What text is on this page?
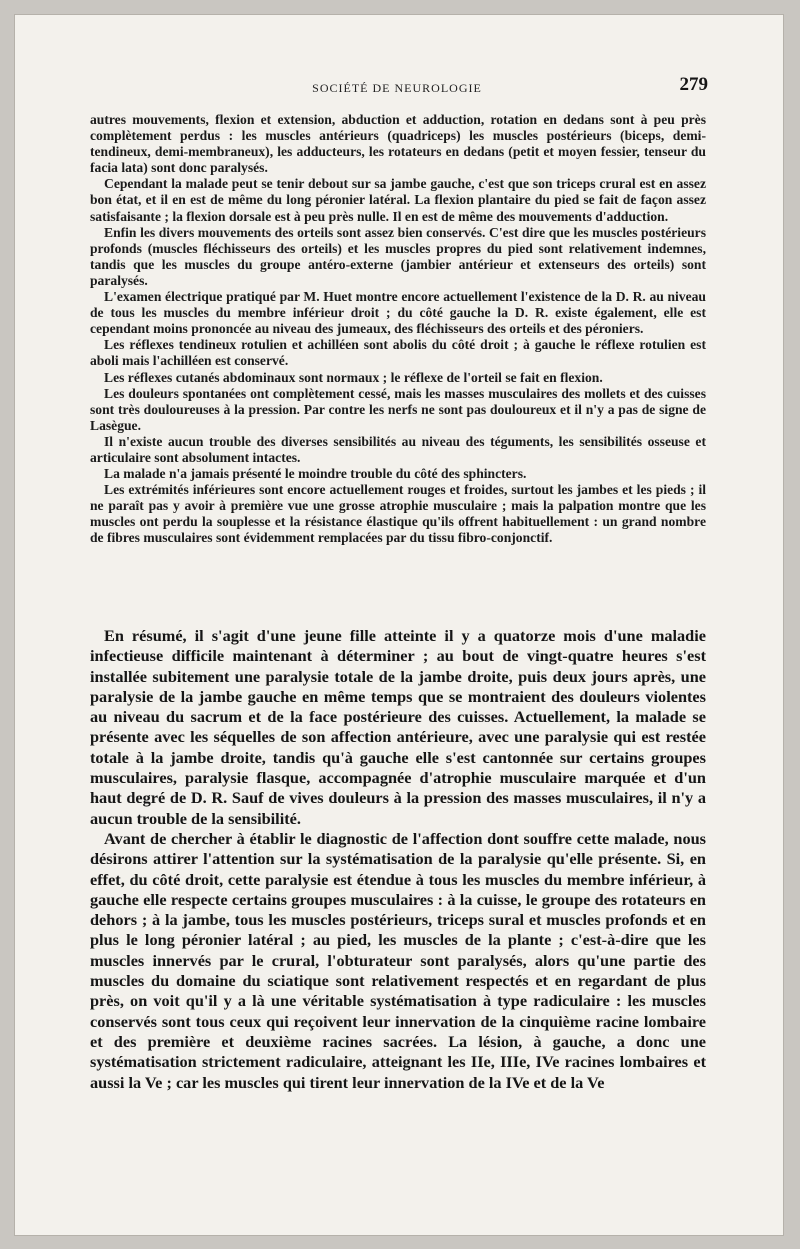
SOCIÉTÉ DE NEUROLOGIE	279

autres mouvements, flexion et extension, abduction et adduction, rotation en dedans sont à peu près complètement perdus : les muscles antérieurs (quadriceps) les muscles postérieurs (biceps, demi-tendineux, demi-membraneux), les adducteurs, les rotateurs en dedans (petit et moyen fessier, tenseur du facia lata) sont donc paralysés.

Cependant la malade peut se tenir debout sur sa jambe gauche, c'est que son triceps crural est en assez bon état, et il en est de même du long péronier latéral. La flexion plantaire du pied se fait de façon assez satisfaisante ; la flexion dorsale est à peu près nulle. Il en est de même des mouvements d'adduction.

Enfin les divers mouvements des orteils sont assez bien conservés. C'est dire que les muscles postérieurs profonds (muscles fléchisseurs des orteils) et les muscles propres du pied sont relativement indemnes, tandis que les muscles du groupe antéro-externe (jambier antérieur et extenseurs des orteils) sont paralysés.

L'examen électrique pratiqué par M. Huet montre encore actuellement l'existence de la D. R. au niveau de tous les muscles du membre inférieur droit ; du côté gauche la D. R. existe également, elle est cependant moins prononcée au niveau des jumeaux, des fléchisseurs des orteils et des péroniers.

Les réflexes tendineux rotulien et achilléen sont abolis du côté droit ; à gauche le réflexe rotulien est aboli mais l'achilléen est conservé.

Les réflexes cutanés abdominaux sont normaux ; le réflexe de l'orteil se fait en flexion.

Les douleurs spontanées ont complètement cessé, mais les masses musculaires des mollets et des cuisses sont très douloureuses à la pression. Par contre les nerfs ne sont pas douloureux et il n'y a pas de signe de Lasègue.

Il n'existe aucun trouble des diverses sensibilités au niveau des téguments, les sensibilités osseuse et articulaire sont absolument intactes.

La malade n'a jamais présenté le moindre trouble du côté des sphincters.

Les extrémités inférieures sont encore actuellement rouges et froides, surtout les jambes et les pieds ; il ne paraît pas y avoir à première vue une grosse atrophie musculaire ; mais la palpation montre que les muscles ont perdu la souplesse et la résistance élastique qu'ils offrent habituellement : un grand nombre de fibres musculaires sont évidemment remplacées par du tissu fibro-conjonctif.

En résumé, il s'agit d'une jeune fille atteinte il y a quatorze mois d'une maladie infectieuse difficile maintenant à déterminer ; au bout de vingt-quatre heures s'est installée subitement une paralysie totale de la jambe droite, puis deux jours après, une paralysie de la jambe gauche en même temps que se montraient des douleurs violentes au niveau du sacrum et de la face postérieure des cuisses. Actuellement, la malade se présente avec les séquelles de son affection antérieure, avec une paralysie qui est restée totale à la jambe droite, tandis qu'à gauche elle s'est cantonnée sur certains groupes musculaires, paralysie flasque, accompagnée d'atrophie musculaire marquée et d'un haut degré de D. R. Sauf de vives douleurs à la pression des masses musculaires, il n'y a aucun trouble de la sensibilité.

Avant de chercher à établir le diagnostic de l'affection dont souffre cette malade, nous désirons attirer l'attention sur la systématisation de la paralysie qu'elle présente. Si, en effet, du côté droit, cette paralysie est étendue à tous les muscles du membre inférieur, à gauche elle respecte certains groupes musculaires : à la cuisse, le groupe des rotateurs en dehors ; à la jambe, tous les muscles postérieurs, triceps sural et muscles profonds et en plus le long péronier latéral ; au pied, les muscles de la plante ; c'est-à-dire que les muscles innervés par le crural, l'obturateur sont paralysés, alors qu'une partie des muscles du domaine du sciatique sont relativement respectés et en regardant de plus près, on voit qu'il y a là une véritable systématisation à type radiculaire : les muscles conservés sont tous ceux qui reçoivent leur innervation de la cinquième racine lombaire et des première et deuxième racines sacrées. La lésion, à gauche, a donc une systématisation strictement radiculaire, atteignant les IIe, IIIe, IVe racines lombaires et aussi la Ve ; car les muscles qui tirent leur innervation de la IVe et de la Ve
